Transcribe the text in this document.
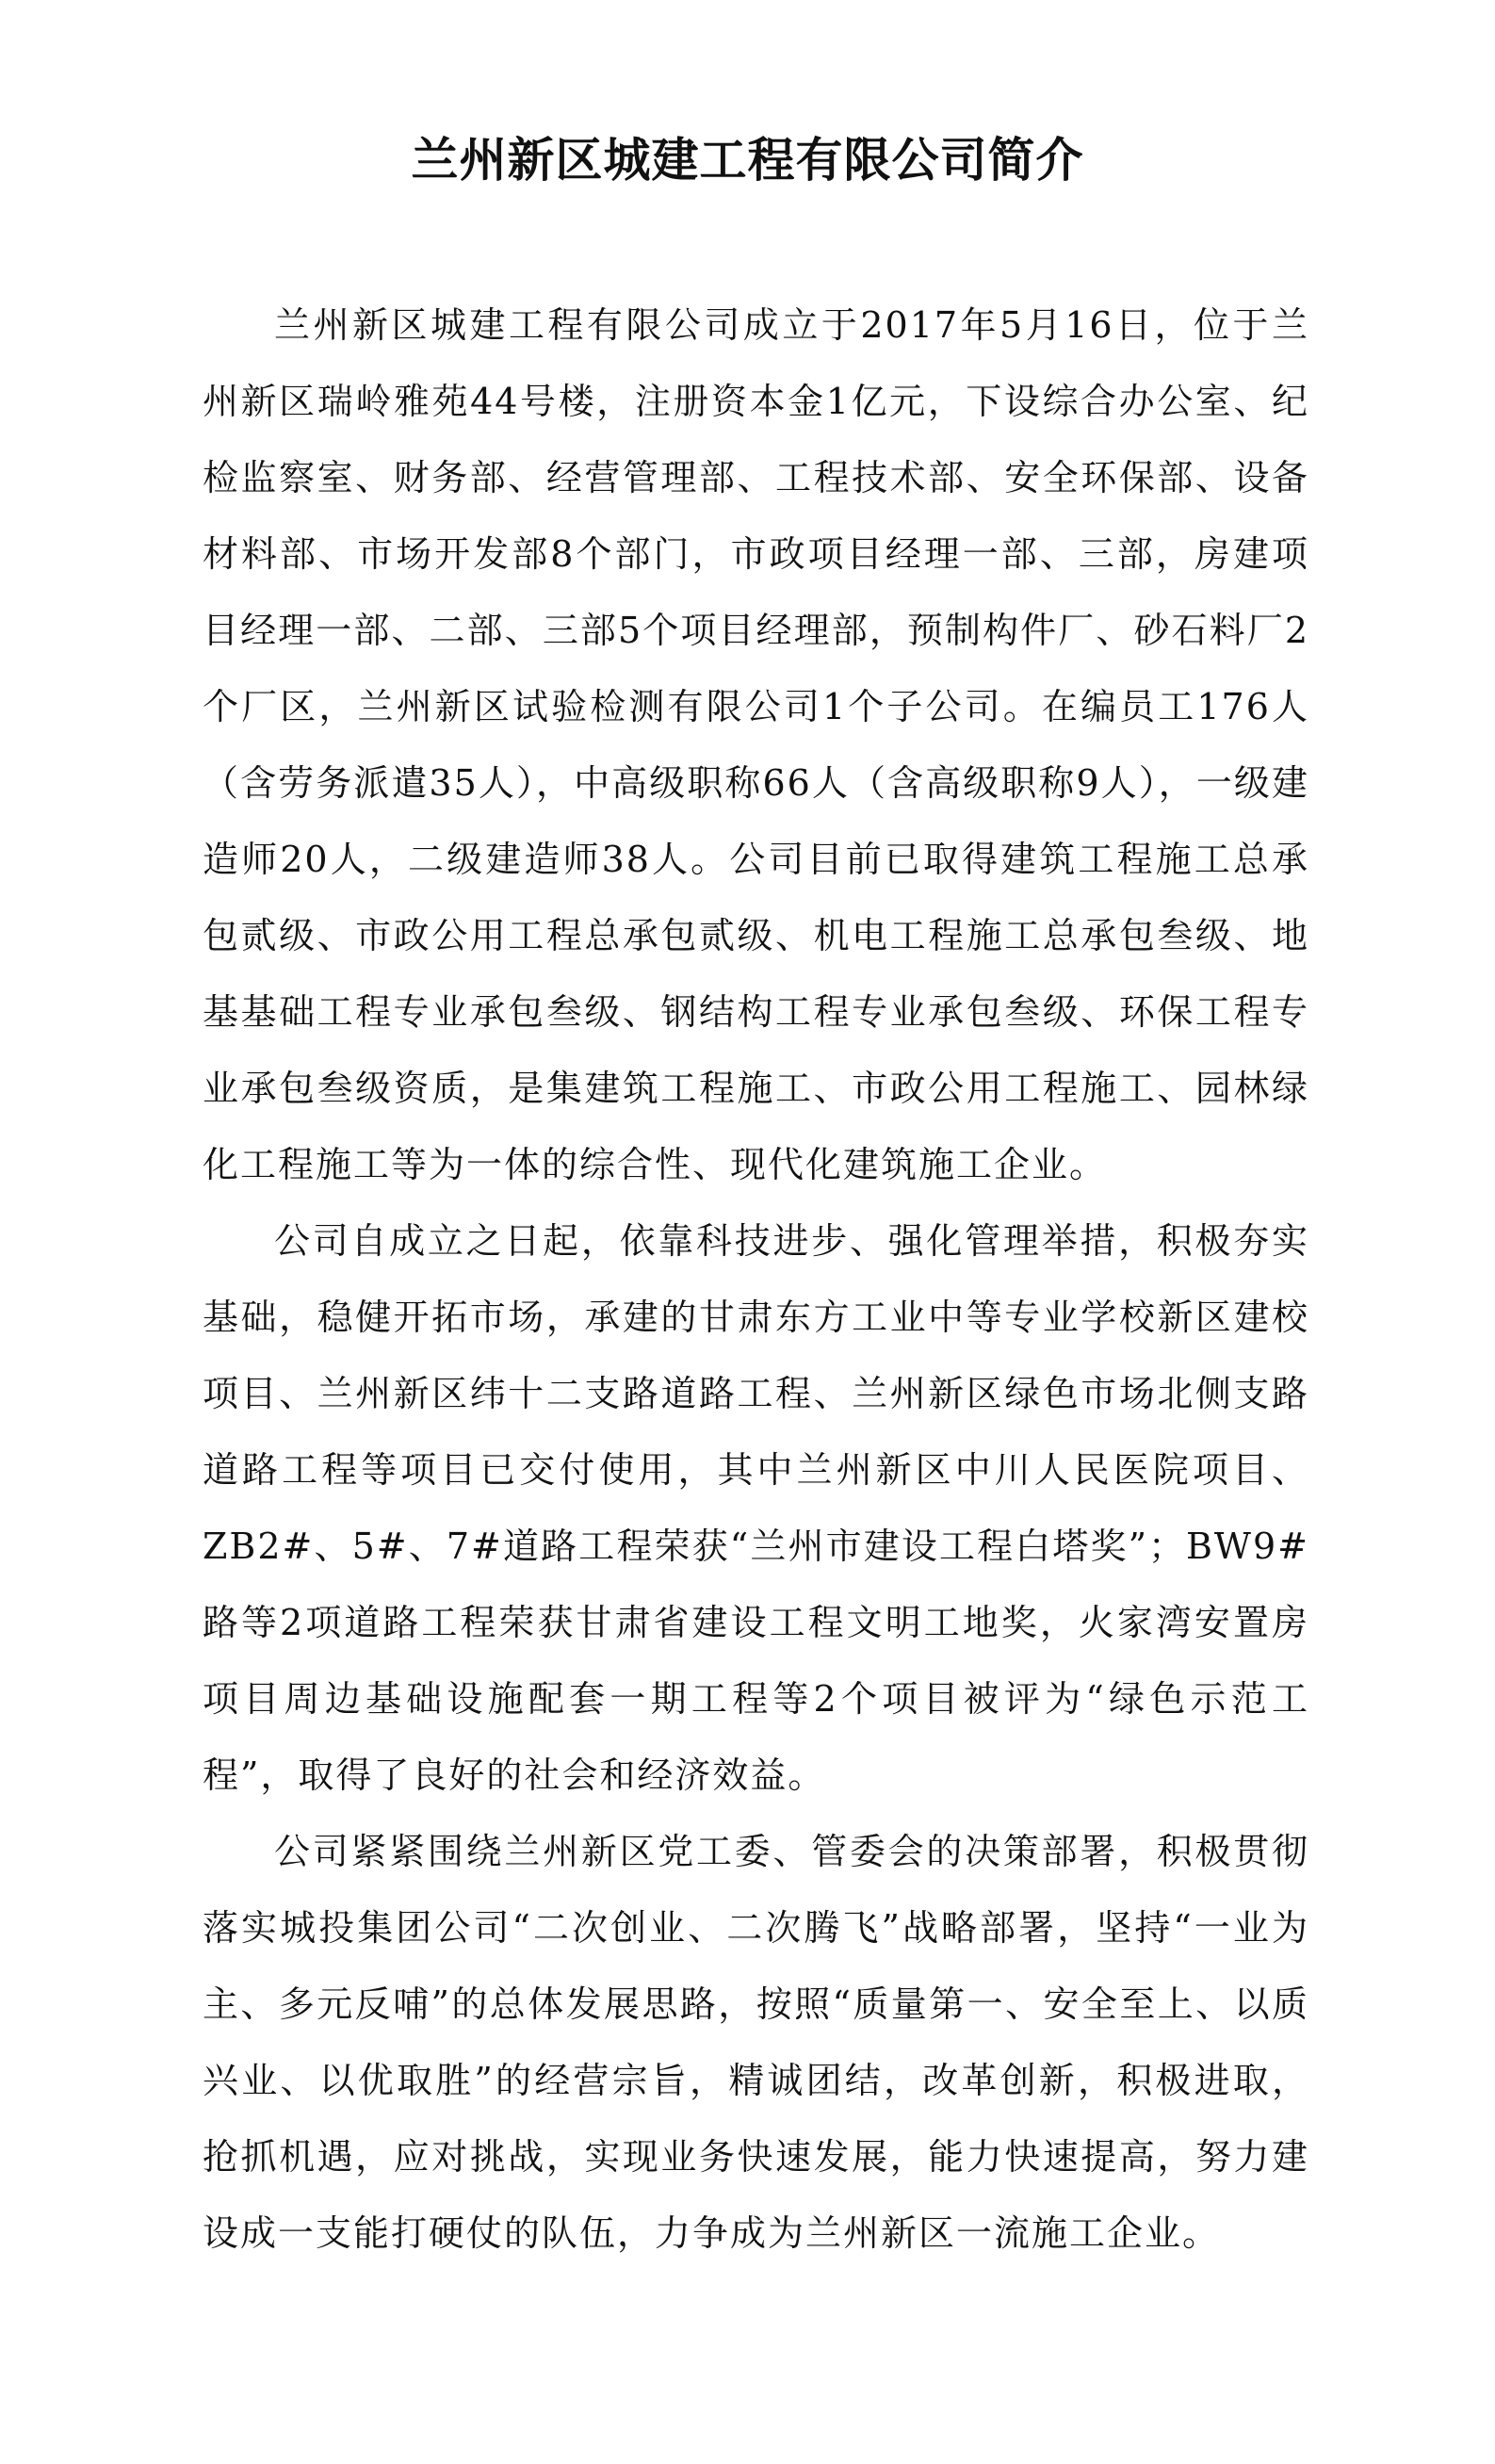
兰州新区城建工程有限公司简介

兰州新区城建工程有限公司成立于2017年5月16日，位于兰州新区瑞岭雅苑44号楼，注册资本金1亿元，下设综合办公室、纪检监察室、财务部、经营管理部、工程技术部、安全环保部、设备材料部、市场开发部8个部门，市政项目经理一部、三部，房建项目经理一部、二部、三部5个项目经理部，预制构件厂、砂石料厂2个厂区，兰州新区试验检测有限公司1个子公司。在编员工176人（含劳务派遣35人），中高级职称66人（含高级职称9人），一级建造师20人，二级建造师38人。公司目前已取得建筑工程施工总承包贰级、市政公用工程总承包贰级、机电工程施工总承包叁级、地基基础工程专业承包叁级、钢结构工程专业承包叁级、环保工程专业承包叁级资质，是集建筑工程施工、市政公用工程施工、园林绿化工程施工等为一体的综合性、现代化建筑施工企业。

公司自成立之日起，依靠科技进步、强化管理举措，积极夯实基础，稳健开拓市场，承建的甘肃东方工业中等专业学校新区建校项目、兰州新区纬十二支路道路工程、兰州新区绿色市场北侧支路道路工程等项目已交付使用，其中兰州新区中川人民医院项目、ZB2#、5#、7#道路工程荣获“兰州市建设工程白塔奖”；BW9#路等2项道路工程荣获甘肃省建设工程文明工地奖，火家湾安置房项目周边基础设施配套一期工程等2个项目被评为“绿色示范工程”，取得了良好的社会和经济效益。

公司紧紧围绕兰州新区党工委、管委会的决策部署，积极贯彻落实城投集团公司“二次创业、二次腾飞”战略部署，坚持“一业为主、多元反哺”的总体发展思路，按照“质量第一、安全至上、以质兴业、以优取胜”的经营宗旨，精诚团结，改革创新，积极进取，抢抓机遇，应对挑战，实现业务快速发展，能力快速提高，努力建设成一支能打硬仗的队伍，力争成为兰州新区一流施工企业。
